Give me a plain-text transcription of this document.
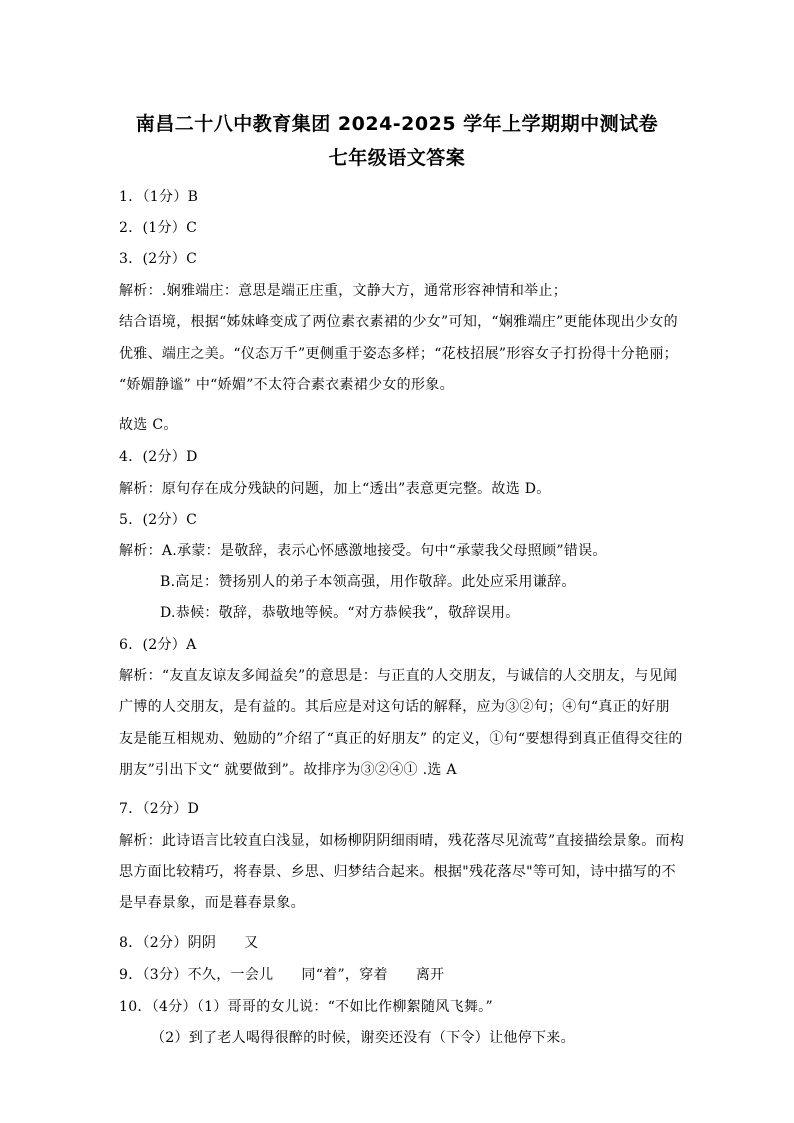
南昌二十八中教育集团 2024-2025 学年上学期期中测试卷
七年级语文答案
1．（1分）B
2．(1分）C
3．(2分）C
解析：.娴雅端庄：意思是端正庄重，文静大方，通常形容神情和举止；
结合语境，根据“姊妹峰变成了两位素衣素裙的少女”可知，“娴雅端庄”更能体现出少女的
优雅、端庄之美。“仪态万千”更侧重于姿态多样；“花枝招展”形容女子打扮得十分艳丽；
“娇媚静谧” 中“娇媚”不太符合素衣素裙少女的形象。
故选 C。
4．(2分）D
解析：原句存在成分残缺的问题，加上“透出”表意更完整。故选 D。
5．(2分）C
解析：A.承蒙：是敬辞，表示心怀感激地接受。句中“承蒙我父母照顾”错误。
B.高足：赞扬别人的弟子本领高强，用作敬辞。此处应采用谦辞。
D.恭候：敬辞，恭敬地等候。“对方恭候我”，敬辞误用。
6．(2分）A
解析：“友直友谅友多闻益矣”的意思是：与正直的人交朋友，与诚信的人交朋友，与见闻
广博的人交朋友，是有益的。其后应是对这句话的解释，应为③②句；④句“真正的好朋
友是能互相规劝、勉励的”介绍了“真正的好朋友” 的定义，①句“要想得到真正值得交往的
朋友”引出下文“ 就要做到”。故排序为③②④① .选 A
7．（2分）D
解析：此诗语言比较直白浅显，如杨柳阴阴细雨晴，残花落尽见流莺”直接描绘景象。而构
思方面比较精巧，将春景、乡思、归梦结合起来。根据"残花落尽"等可知，诗中描写的不
是早春景象，而是暮春景象。
8．（2分）阴阴 又
9．（3分）不久，一会儿 同“着”，穿着 离开
10．（4分）（1）哥哥的女儿说：“不如比作柳絮随风飞舞。”
（2）到了老人喝得很醉的时候，谢奕还没有（下令）让他停下来。
